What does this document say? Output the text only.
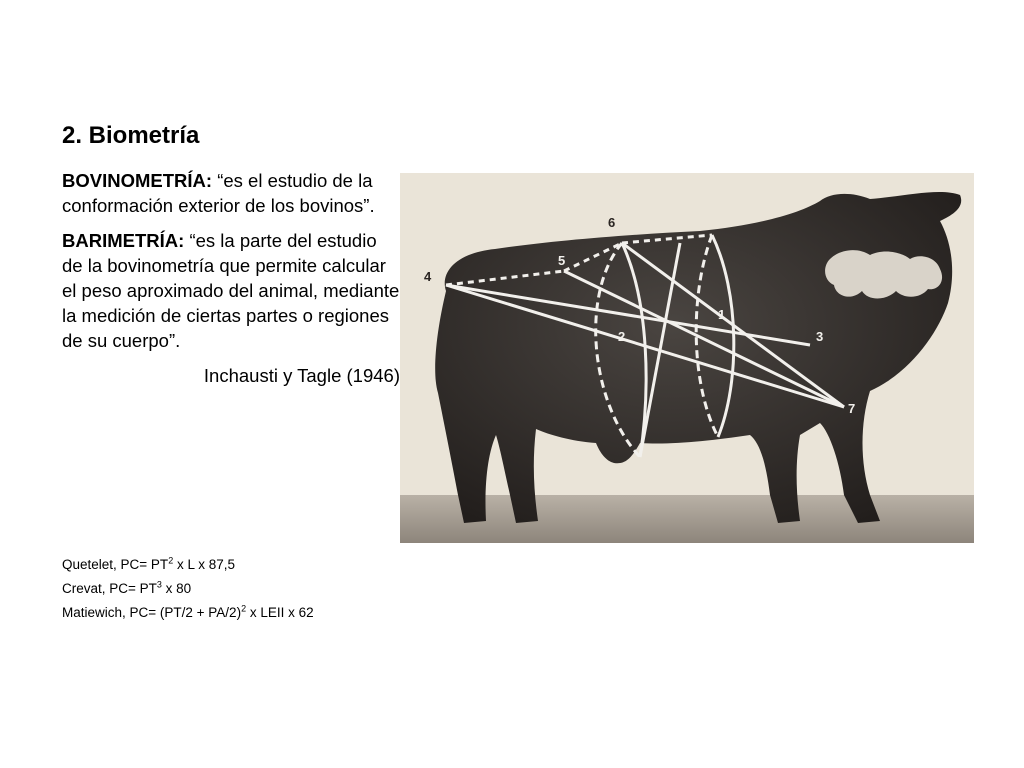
2. Biometría

BOVINOMETRÍA: “es el estudio de la conformación exterior de los bovinos”.

BARIMETRÍA: “es la parte del estudio de la bovinometría que permite calcular el peso aproximado del animal, mediante la medición de ciertas partes o regiones de su cuerpo”.

Inchausti y Tagle (1946)

1
2	3
4
5
6
7
Quetelet, $PC= PT^2$ x L x 87,5
Crevat, $PC= PT^3$ x 80
Matiewich, $PC= (PT/2 + PA/2)^2$ x LEII x 62
